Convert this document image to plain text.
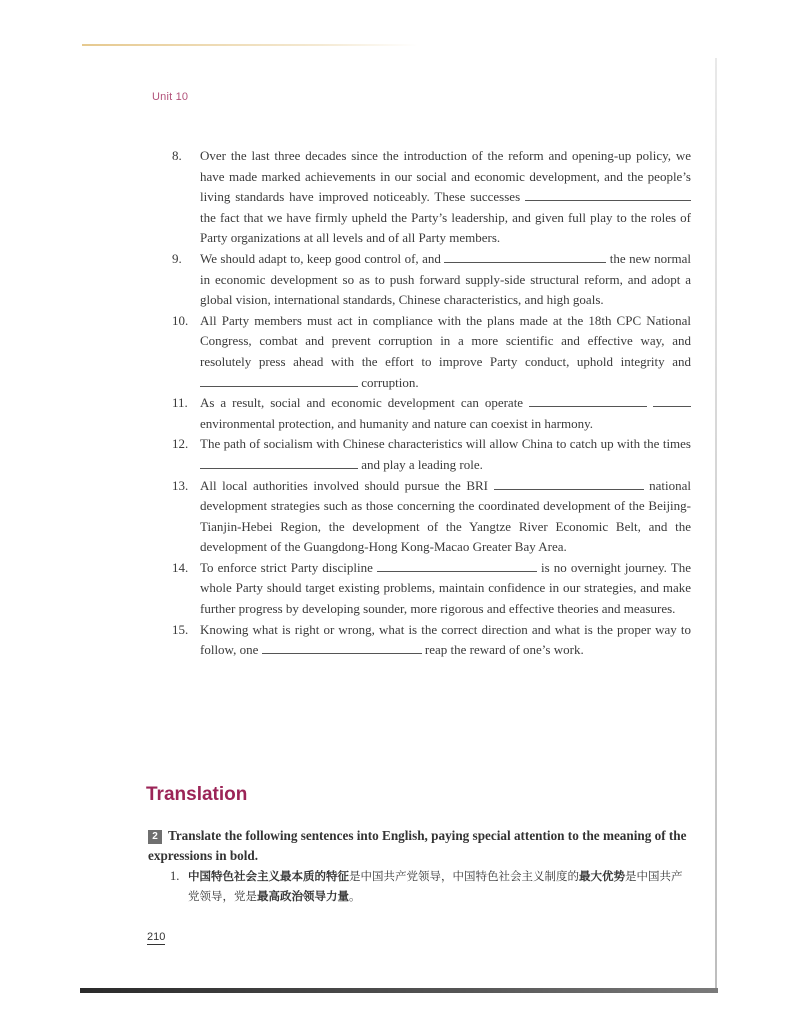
Unit 10
8. Over the last three decades since the introduction of the reform and opening-up policy, we have made marked achievements in our social and economic development, and the people’s living standards have improved noticeably. These successes  the fact that we have firmly upheld the Party’s leadership, and given full play to the roles of Party organizations at all levels and of all Party members.
9. We should adapt to, keep good control of, and	the new normal in economic development so as to push forward supply-side structural reform, and adopt a global vision, international standards, Chinese characteristics, and high goals.
10. All Party members must act in compliance with the plans made at the 18th CPC National Congress, combat and prevent corruption in a more scientific and effective way, and resolutely press ahead with the effort to improve Party conduct, uphold integrity and  corruption.
11. As a result, social and economic development can operate   environmental protection, and humanity and nature can coexist in harmony.
12. The path of socialism with Chinese characteristics will allow China to catch up with the times  and play a leading role.
13. All local authorities involved should pursue the BRI	national development strategies such as those concerning the coordinated development of the Beijing-Tianjin-Hebei Region, the development of the Yangtze River Economic Belt, and the development of the Guangdong-Hong Kong-Macao Greater Bay Area.
14. To enforce strict Party discipline	is no overnight journey. The whole Party should target existing problems, maintain confidence in our strategies, and make further progress by developing sounder, more rigorous and effective theories and measures.
15. Knowing what is right or wrong, what is the correct direction and what is the proper way to follow, one	reap the reward of one’s work.
Translation
2 Translate the following sentences into English, paying special attention to the meaning of the expressions in bold.
1. 中国特色社会主义最本质的特征是中国共产党领导，中国特色社会主义制度的最大优势是中国共产党领导，党是最高政治领导力量。
210
